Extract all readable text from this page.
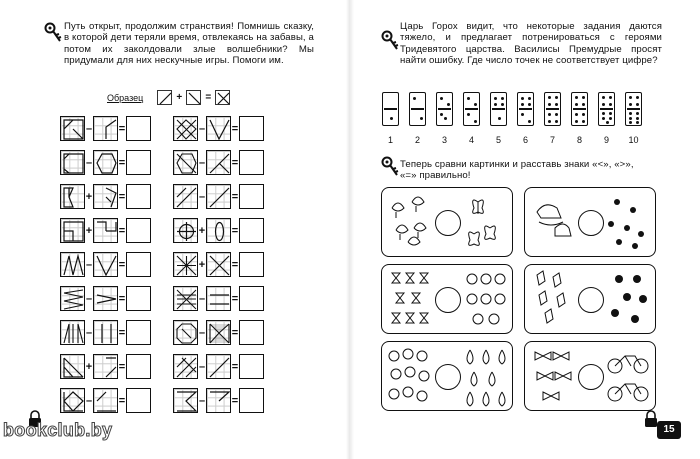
Путь открыт, продолжим странствия! Помнишь сказку, в которой дети теряли время, отвлекаясь на забавы, а потом их заколдовали злые волшебники? Мы придумали для них нескучные игры. Помоги им.
Образец	+ =
– =	– =
– =	– =
+ =	– =
+ =	+ =
– =	+ =
– =	– =
– =	– =
+ =	– =
– =	– =
bookclub.by
Царь Горох видит, что некоторые задания даются тяжело, и предлагает потренироваться с героями Тридевятого царства. Василисы Премудрые просят найти ошибку. Где число точек не соответствует цифре?
1	2	3	4	5	6	7	8	9	10
Теперь сравни картинки и расставь знаки «<», «>», «=» правильно!
15
